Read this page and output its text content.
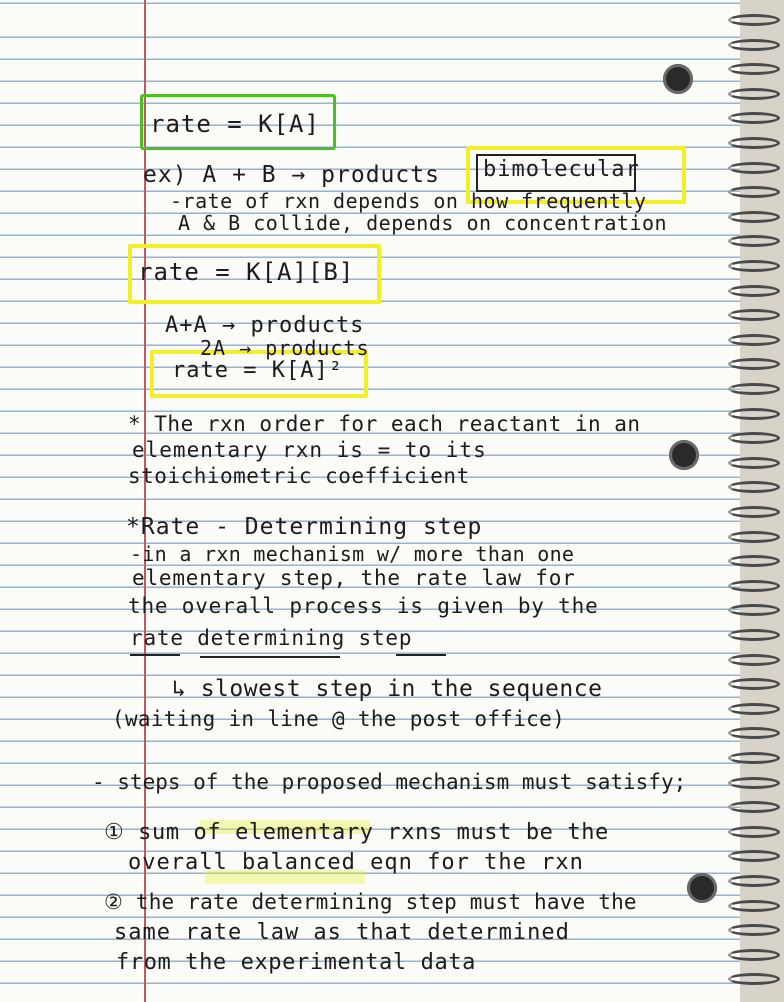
rate = K[A]
ex) A + B → products bimolecular
-rate of rxn depends on how frequently
A & B collide, depends on concentration
rate = K[A][B]
A+A → products
2A → products
rate = K[A]²
* The rxn order for each reactant in an
elementary rxn is = to its
stoichiometric coefficient
*Rate - Determining step
-in a rxn mechanism w/ more than one
elementary step, the rate law for
the overall process is given by the
rate determining step
↳ slowest step in the sequence
(waiting in line @ the post office)
- steps of the proposed mechanism must satisfy;
① sum of elementary rxns must be the
overall balanced eqn for the rxn
② the rate determining step must have the
same rate law as that determined
from the experimental data
